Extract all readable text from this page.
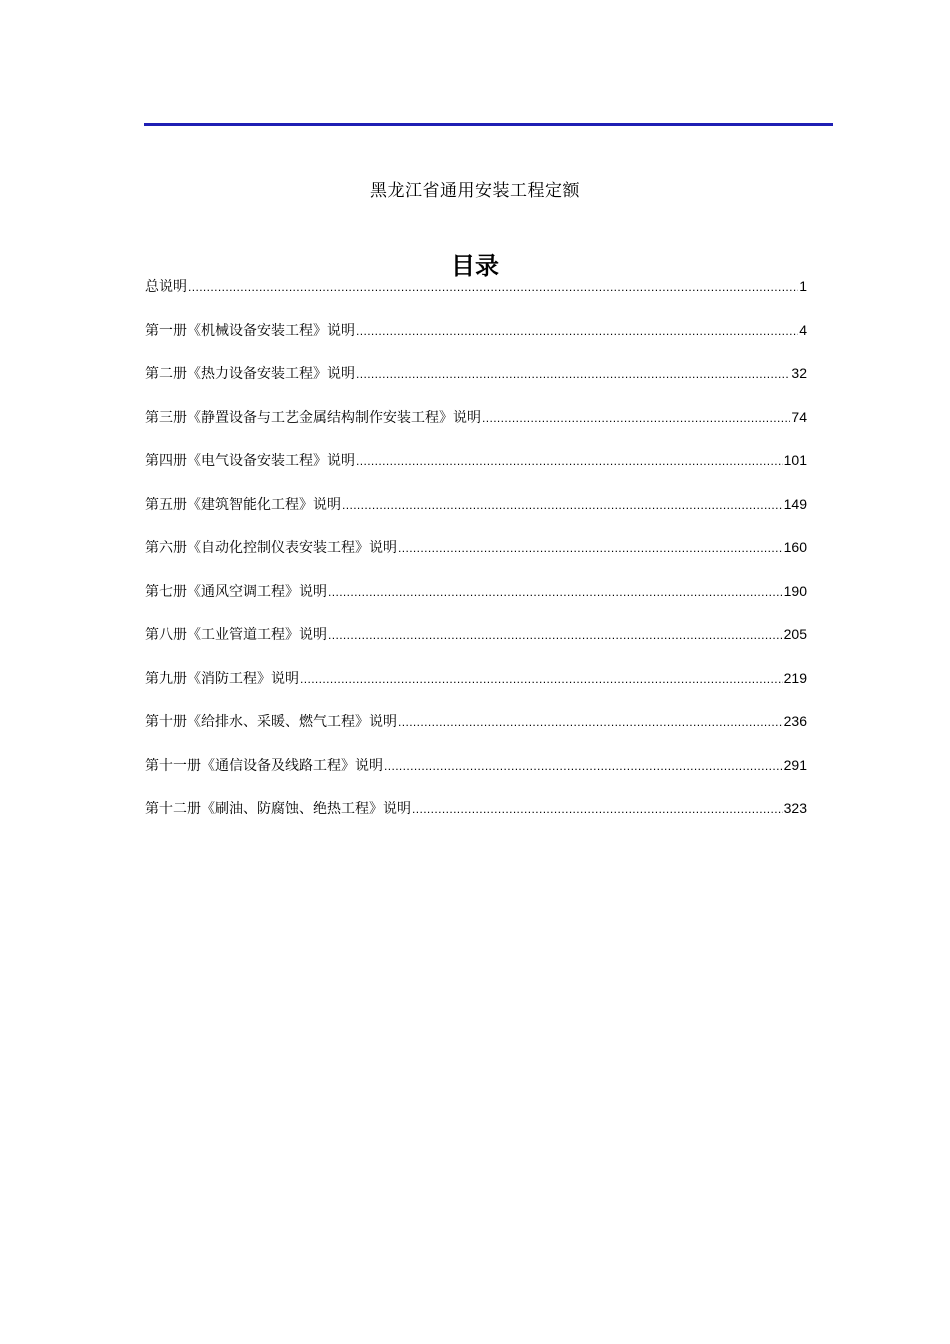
黑龙江省通用安装工程定额
目录
总说明 .....	1
第一册《机械设备安装工程》说明 .....	4
第二册《热力设备安装工程》说明 .....	32
第三册《静置设备与工艺金属结构制作安装工程》说明 .....	74
第四册《电气设备安装工程》说明 .....	101
第五册《建筑智能化工程》说明 .....	149
第六册《自动化控制仪表安装工程》说明 .....	160
第七册《通风空调工程》说明 .....	190
第八册《工业管道工程》说明 .....	205
第九册《消防工程》说明 .....	219
第十册《给排水、采暖、燃气工程》说明 .....	236
第十一册《通信设备及线路工程》说明 .....	291
第十二册《刷油、防腐蚀、绝热工程》说明 .....	323
